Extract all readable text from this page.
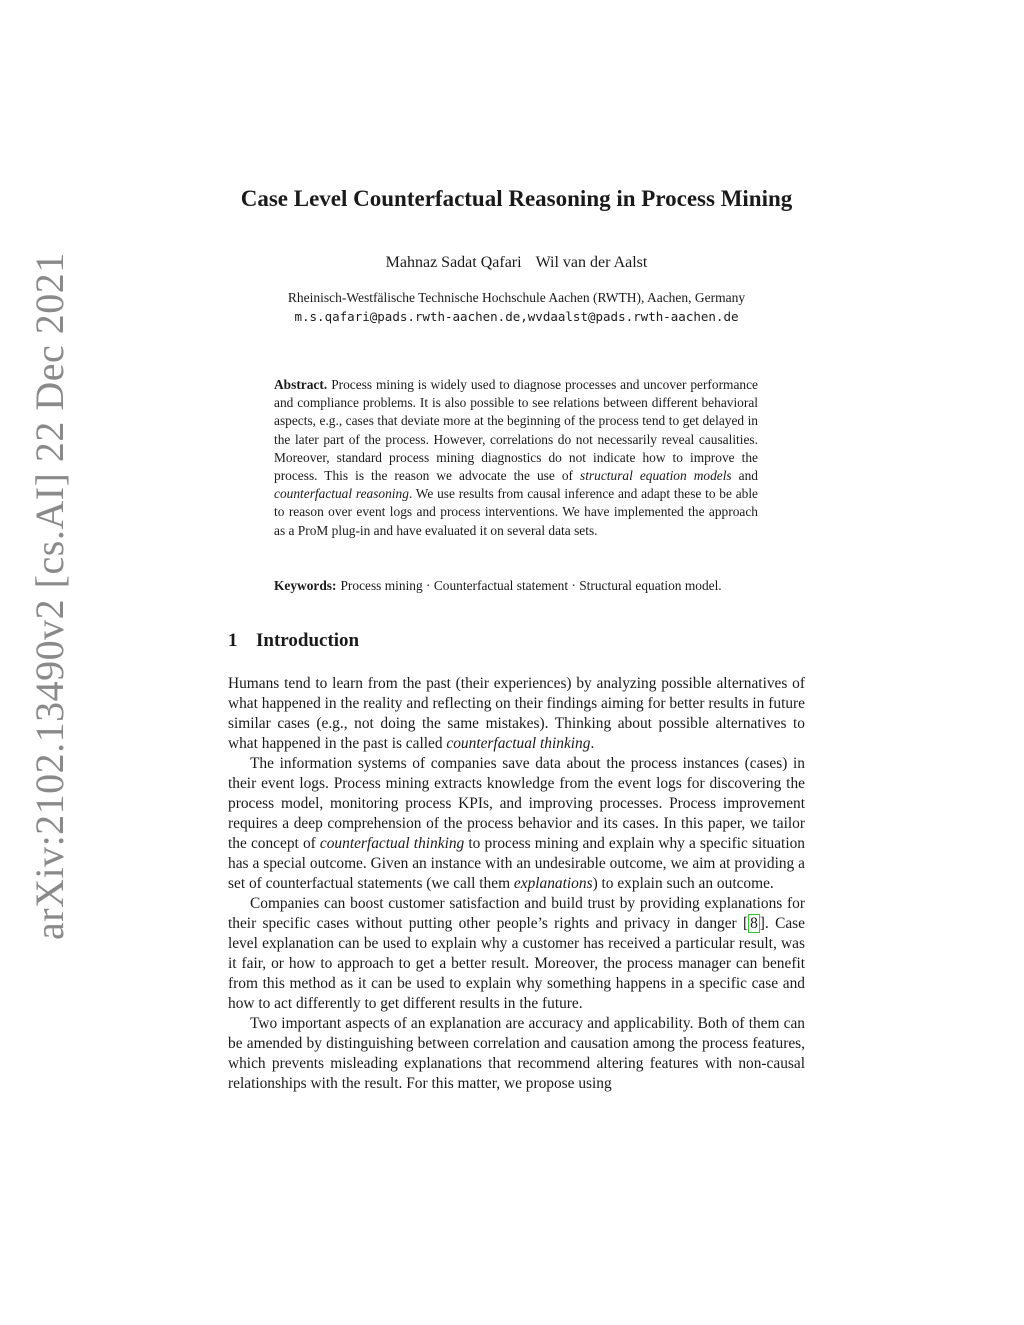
arXiv:2102.13490v2 [cs.AI] 22 Dec 2021
Case Level Counterfactual Reasoning in Process Mining
Mahnaz Sadat Qafari Wil van der Aalst
Rheinisch-Westfälische Technische Hochschule Aachen (RWTH), Aachen, Germany
m.s.qafari@pads.rwth-aachen.de,wvdaalst@pads.rwth-aachen.de
Abstract. Process mining is widely used to diagnose processes and uncover performance and compliance problems. It is also possible to see relations between different behavioral aspects, e.g., cases that deviate more at the beginning of the process tend to get delayed in the later part of the process. However, correlations do not necessarily reveal causalities. Moreover, standard process mining diagnostics do not indicate how to improve the process. This is the reason we advocate the use of structural equation models and counterfactual reasoning. We use results from causal inference and adapt these to be able to reason over event logs and process interventions. We have implemented the approach as a ProM plug-in and have evaluated it on several data sets.
Keywords: Process mining · Counterfactual statement · Structural equation model.
1 Introduction

Humans tend to learn from the past (their experiences) by analyzing possible alternatives of what happened in the reality and reflecting on their findings aiming for better results in future similar cases (e.g., not doing the same mistakes). Thinking about possible alternatives to what happened in the past is called counterfactual thinking.

The information systems of companies save data about the process instances (cases) in their event logs. Process mining extracts knowledge from the event logs for discovering the process model, monitoring process KPIs, and improving processes. Process improvement requires a deep comprehension of the process behavior and its cases. In this paper, we tailor the concept of counterfactual thinking to process mining and explain why a specific situation has a special outcome. Given an instance with an undesirable outcome, we aim at providing a set of counterfactual statements (we call them explanations) to explain such an outcome.

Companies can boost customer satisfaction and build trust by providing explanations for their specific cases without putting other people’s rights and privacy in danger [ 8 ]. Case level explanation can be used to explain why a customer has received a particular result, was it fair, or how to approach to get a better result. Moreover, the process manager can benefit from this method as it can be used to explain why something happens in a specific case and how to act differently to get different results in the future.

Two important aspects of an explanation are accuracy and applicability. Both of them can be amended by distinguishing between correlation and causation among the process features, which prevents misleading explanations that recommend altering features with non-causal relationships with the result. For this matter, we propose using
